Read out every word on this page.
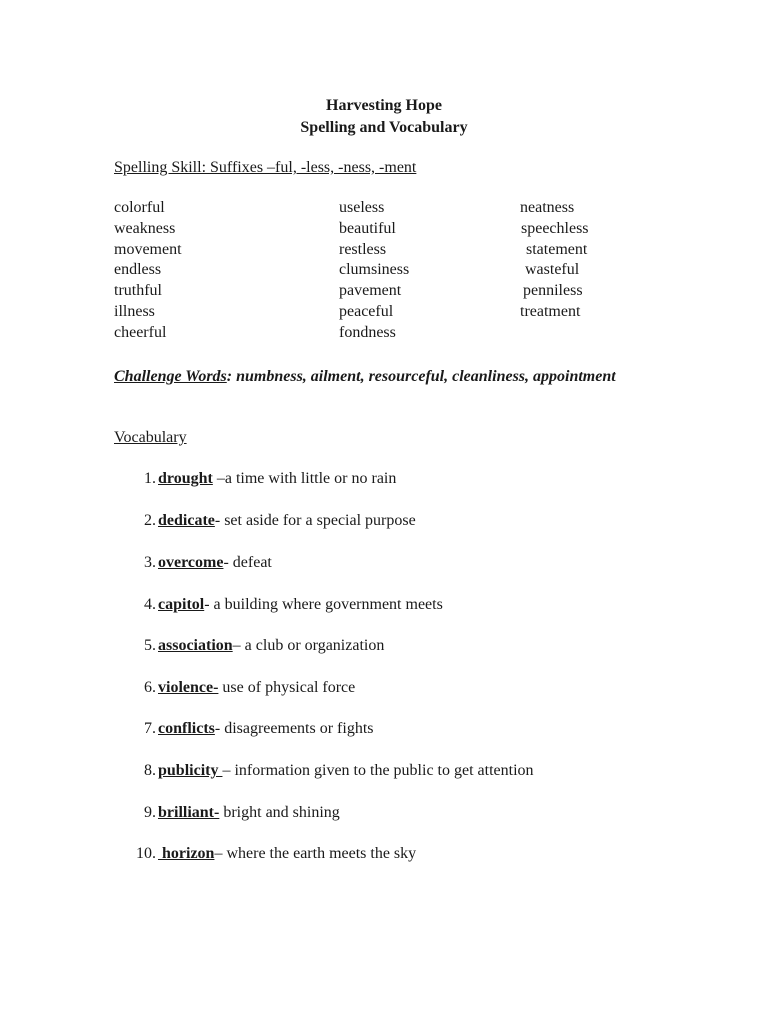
Harvesting Hope
Spelling and Vocabulary
Spelling Skill: Suffixes –ful, -less, -ness, -ment
colorful
weakness
movement
endless
truthful
illness
cheerful
useless
beautiful
restless
clumsiness
pavement
peaceful
fondness
neatness
speechless
statement
wasteful
penniless
treatment
Challenge Words: numbness, ailment, resourceful, cleanliness, appointment
Vocabulary
1. drought –a time with little or no rain
2. dedicate- set aside for a special purpose
3. overcome- defeat
4. capitol- a building where government meets
5. association– a club or organization
6. violence- use of physical force
7. conflicts- disagreements or fights
8. publicity – information given to the public to get attention
9. brilliant- bright and shining
10. horizon– where the earth meets the sky
